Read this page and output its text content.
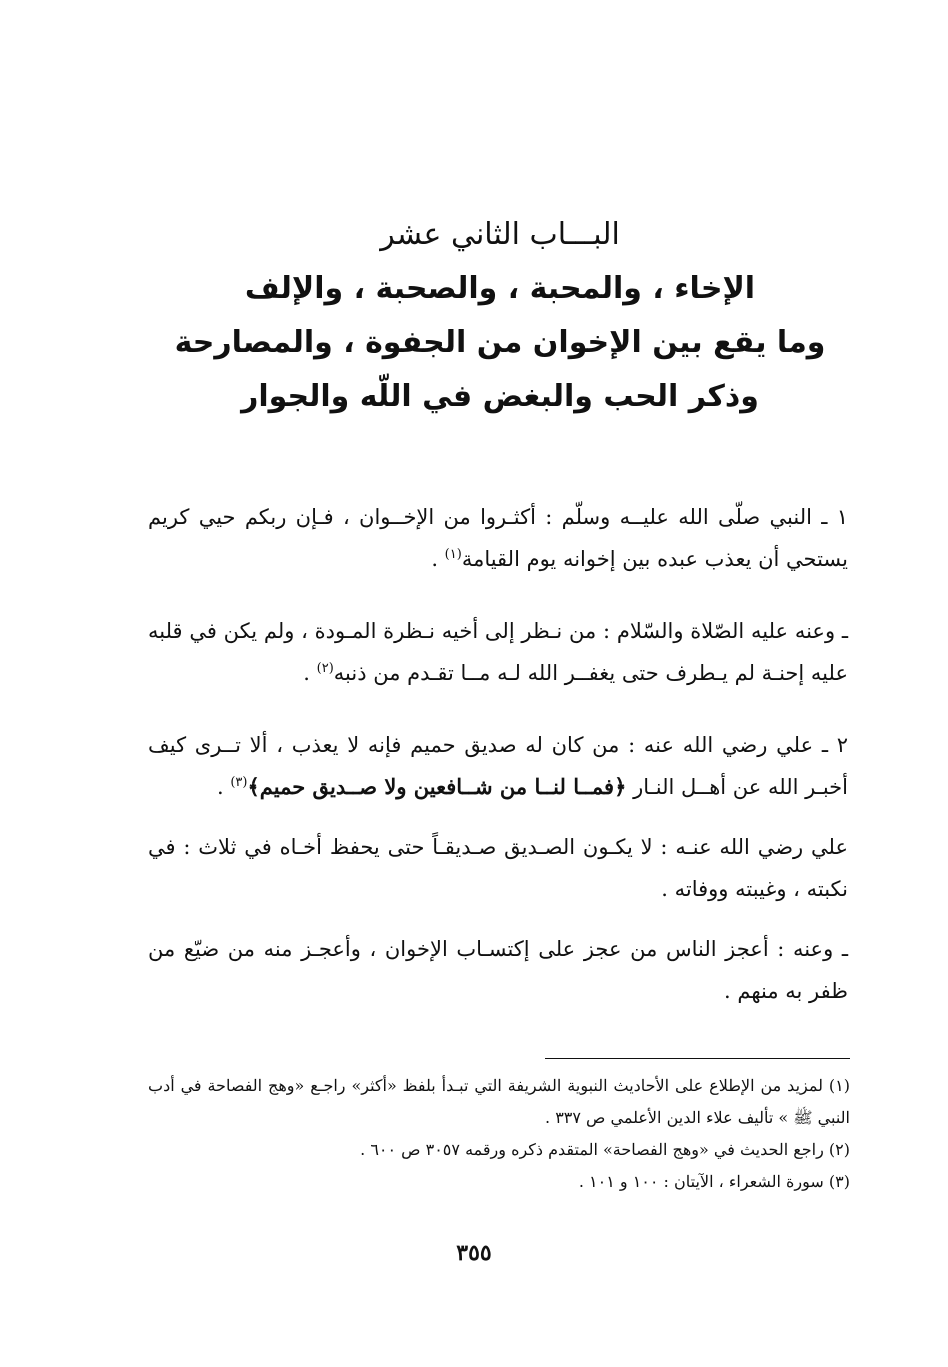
البـــاب الثاني عشر

الإخاء ، والمحبة ، والصحبة ، والإلف

وما يقع بين الإخوان من الجفوة ، والمصارحة

وذكر الحب والبغض في اللّه والجوار

١ ـ النبي صلّى الله عليــه وسلّم : أكثـروا من الإخــوان ، فـإن ربكم حيي كريم يستحي أن يعذب عبده بين إخوانه يوم القيامة$^{(١)}$ .

ـ وعنه عليه الصّلاة والسّلام : من نـظر إلى أخيه نـظرة المـودة ، ولم يكن في قلبه عليه إحنـة لم يـطرف حتى يغفــر الله لـه مــا تقـدم من ذنبه$^{(٢)}$ .

٢ ـ علي رضي الله عنه : من كان له صديق حميم فإنه لا يعذب ، ألا تــرى كيف أخبـر الله عن أهــل النـار ﴿فمــا لنــا من شــافعين ولا صــديق حميم﴾$^{(٣)}$ .

علي رضي الله عنـه : لا يكـون الصـديق صـديقـاً حتى يحفظ أخـاه في ثلاث : في نكبته ، وغيبته ووفاته .

ـ وعنه : أعجز الناس من عجز على إكتسـاب الإخوان ، وأعجـز منه من ضيّع من ظفر به منهم .

(١) لمزيد من الإطلاع على الأحاديث النبوية الشريفة التي تبـدأ بلفظ «أكثر» راجـع «وهج الفصاحة في أدب النبي ﷺ » تأليف علاء الدين الأعلمي ص ٣٣٧ .

(٢) راجع الحديث في «وهج الفصاحة» المتقدم ذكره ورقمه ٣٠٥٧ ص ٦٠٠ .

(٣) سورة الشعراء ، الآيتان : ١٠٠ و ١٠١ .

٣٥٥
